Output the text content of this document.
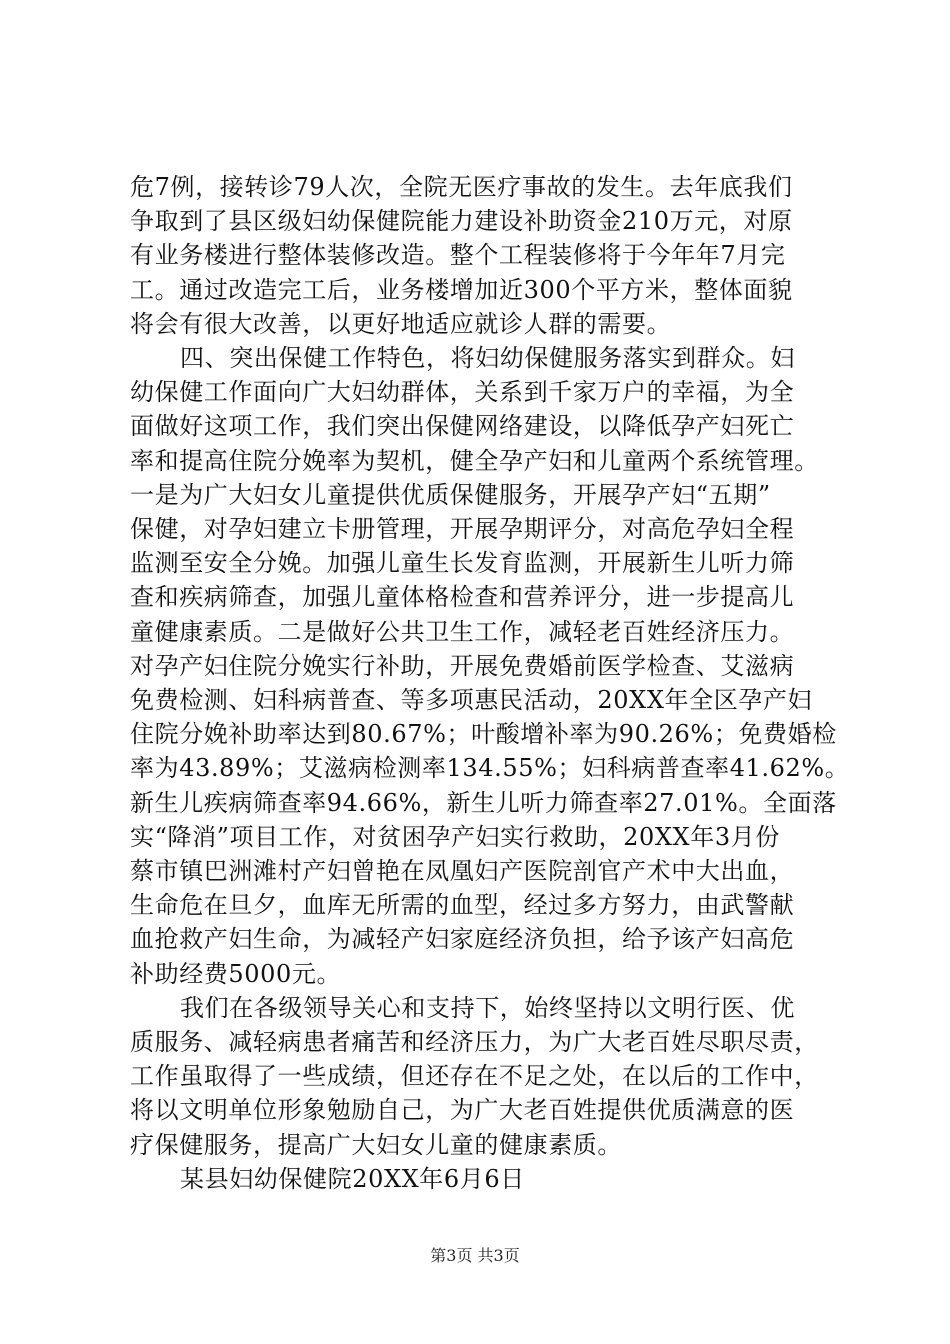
危7例，接转诊79人次，全院无医疗事故的发生。去年底我们
争取到了县区级妇幼保健院能力建设补助资金210万元，对原
有业务楼进行整体装修改造。整个工程装修将于今年年7月完
工。通过改造完工后，业务楼增加近300个平方米，整体面貌
将会有很大改善，以更好地适应就诊人群的需要。

四、突出保健工作特色，将妇幼保健服务落实到群众。妇
幼保健工作面向广大妇幼群体，关系到千家万户的幸福，为全
面做好这项工作，我们突出保健网络建设，以降低孕产妇死亡
率和提高住院分娩率为契机，健全孕产妇和儿童两个系统管理。
一是为广大妇女儿童提供优质保健服务，开展孕产妇“五期”
保健，对孕妇建立卡册管理，开展孕期评分，对高危孕妇全程
监测至安全分娩。加强儿童生长发育监测，开展新生儿听力筛
查和疾病筛查，加强儿童体格检查和营养评分，进一步提高儿
童健康素质。二是做好公共卫生工作，减轻老百姓经济压力。
对孕产妇住院分娩实行补助，开展免费婚前医学检查、艾滋病
免费检测、妇科病普查、等多项惠民活动，20XX年全区孕产妇
住院分娩补助率达到80.67%；叶酸增补率为90.26%；免费婚检
率为43.89%；艾滋病检测率134.55%；妇科病普查率41.62%。
新生儿疾病筛查率94.66%，新生儿听力筛查率27.01%。全面落
实“降消”项目工作，对贫困孕产妇实行救助，20XX年3月份
蔡市镇巴洲滩村产妇曾艳在凤凰妇产医院剖官产术中大出血，
生命危在旦夕，血库无所需的血型，经过多方努力，由武警献
血抢救产妇生命，为减轻产妇家庭经济负担，给予该产妇高危
补助经费5000元。

我们在各级领导关心和支持下，始终坚持以文明行医、优
质服务、减轻病患者痛苦和经济压力，为广大老百姓尽职尽责，
工作虽取得了一些成绩，但还存在不足之处，在以后的工作中，
将以文明单位形象勉励自己，为广大老百姓提供优质满意的医
疗保健服务，提高广大妇女儿童的健康素质。

某县妇幼保健院20XX年6月6日

第3页 共3页
